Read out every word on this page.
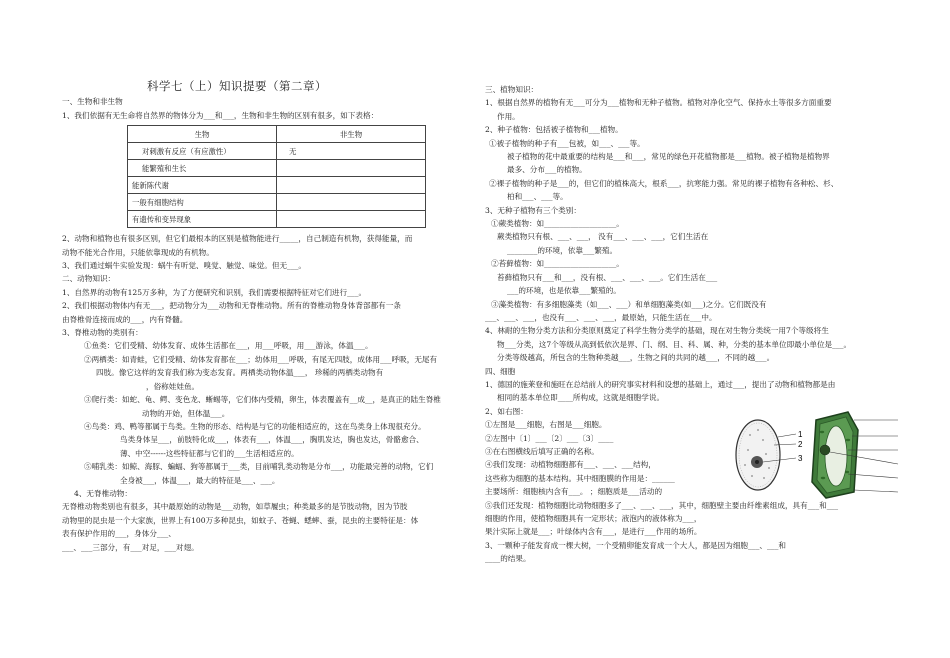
科学七（上）知识提要（第二章）
一、生物和非生物
1、我们依据有无生命将自然界的物体分为___和___，生物和非生物的区别有很多，如下表格：
生物	非生物
对刺激有反应（有应激性）	无
能繁殖和生长	
能新陈代谢	
一般有细胞结构	
有遗传和变异现象	
2、动物和植物也有很多区别，但它们最根本的区别是植物能进行_____，自己制造有机物，获得能量，而
动物不能光合作用，只能依靠现成的有机物。
3、我们通过蜗牛实验发现：蜗牛有听觉、嗅觉、触觉、味觉。但无___。
二、动物知识：
1、自然界的动物有125万多种，为了方便研究和识别，我们需要根据特征对它们进行___。
2、我们根据动物体内有无___，把动物分为___动物和无脊椎动物。所有的脊椎动物身体背部都有一条
由脊椎骨连接而成的___，内有脊髓。
3、脊椎动物的类别有：
①鱼类：它们受精、幼体发育、成体生活都在___，用___呼吸，用___游泳，体温___。
②两栖类：如青蛙，它们受精、幼体发育都在___；幼体用___呼吸，有尾无四肢，成体用___呼吸，无尾有
四肢。像它这样的发育我们称为变态发育。两栖类动物体温___， 珍稀的两栖类动物有
，俗称娃娃鱼。
③爬行类：如蛇、龟、鳄、变色龙、蜥蜴等，它们体内受精，卵生，体表覆盖有__成__，是真正的陆生脊椎
动物的开始，但体温___。
④鸟类：鸡、鸭等都属于鸟类。生物的形态、结构是与它的功能相适应的，这在鸟类身上体现很充分。
鸟类身体呈___，前肢特化成___，体表有___，体温___，胸肌发达，胸也发达，骨骼愈合、
薄、中空------这些特征都与它们的___生活相适应的。
⑤哺乳类：如鲸、海豚、蝙蝠、狗等都属于___类，目前哺乳类动物是分布___，功能最完善的动物，它们
全身被___，体温___，最大的特征是___、___。
4、无脊椎动物：
无脊椎动物类别也有很多，其中最原始的动物是___动物，如草履虫；种类最多的是节肢动物，因为节肢
动物里的昆虫是一个大家族，世界上有100万多种昆虫，如蚊子、苍蝇、蟋蟀、蚕，昆虫的主要特征是：体
表有保护作用的___，身体分___、
___、___三部分，有___对足，___对翅。
三、植物知识：
1、根据自然界的植物有无___可分为___植物和无种子植物。植物对净化空气、保持水土等很多方面重要
作用。
2、种子植物：包括被子植物和___植物。
①被子植物的种子有___包被，如___、___等。
被子植物的花中最重要的结构是___和___，常见的绿色开花植物都是___植物。被子植物是植物界
最多、分布___的植物。
②裸子植物的种子是___的，但它们的植株高大，根系___，抗寒能力强。常见的裸子植物有各种松、杉、
柏和___、___等。
3、无种子植物有三个类别：
①蕨类植物：如___________________。
蕨类植物只有根、___、___， 没有___、___、___，它们生活在
________的环境，依靠___繁殖。
②苔藓植物：如___________________。
苔藓植物只有___和___，没有根、___、___、___。它们生活在___
___的环境，也是依靠___繁殖的。
③藻类植物：有多细胞藻类（如___、___）和单细胞藻类(如___)之分。它们既没有
___、___、___，也没有___、___、___，最原始，只能生活在___中。
4、林耐的生物分类方法和分类原则奠定了科学生物分类学的基础，现在对生物分类统一用7个等级将生
物___分类，这7个等级从高到低依次是界、门、纲、目、科、属、种，分类的基本单位即最小单位是___。
分类等级越高，所包含的生物种类越___，生物之间的共同的越___，不同的越___。
四、细胞
1、德国的施莱登和施旺在总结前人的研究事实材料和设想的基础上，通过___，提出了动物和植物都是由
相同的基本单位即____所构成，这就是细胞学说。
2、如右图：
①左图是___细胞，右图是___细胞。
②左图中〔1〕___〔2〕___〔3〕____
③在右图横线后填写正确的名称。
④我们发现：动植物细胞都有___、___、___结构，
这些称为细胞的基本结构。其中细胞膜的作用是：______
主要场所：细胞核内含有___。 ；细胞质是___活动的
⑤我们还发现：植物细胞比动物细胞多了___、___、___，其中，细胞壁主要由纤维素组成，具有___和___
细胞的作用，使植物细胞具有一定形状；液泡内的液体称为___，
果汁实际上就是___；叶绿体内含有___，是进行___作用的场所。
3、一颗种子能发育成一棵大树，一个受精卵能发育成一个大人，都是因为细胞___、___和
____的结果。
1
2
3
